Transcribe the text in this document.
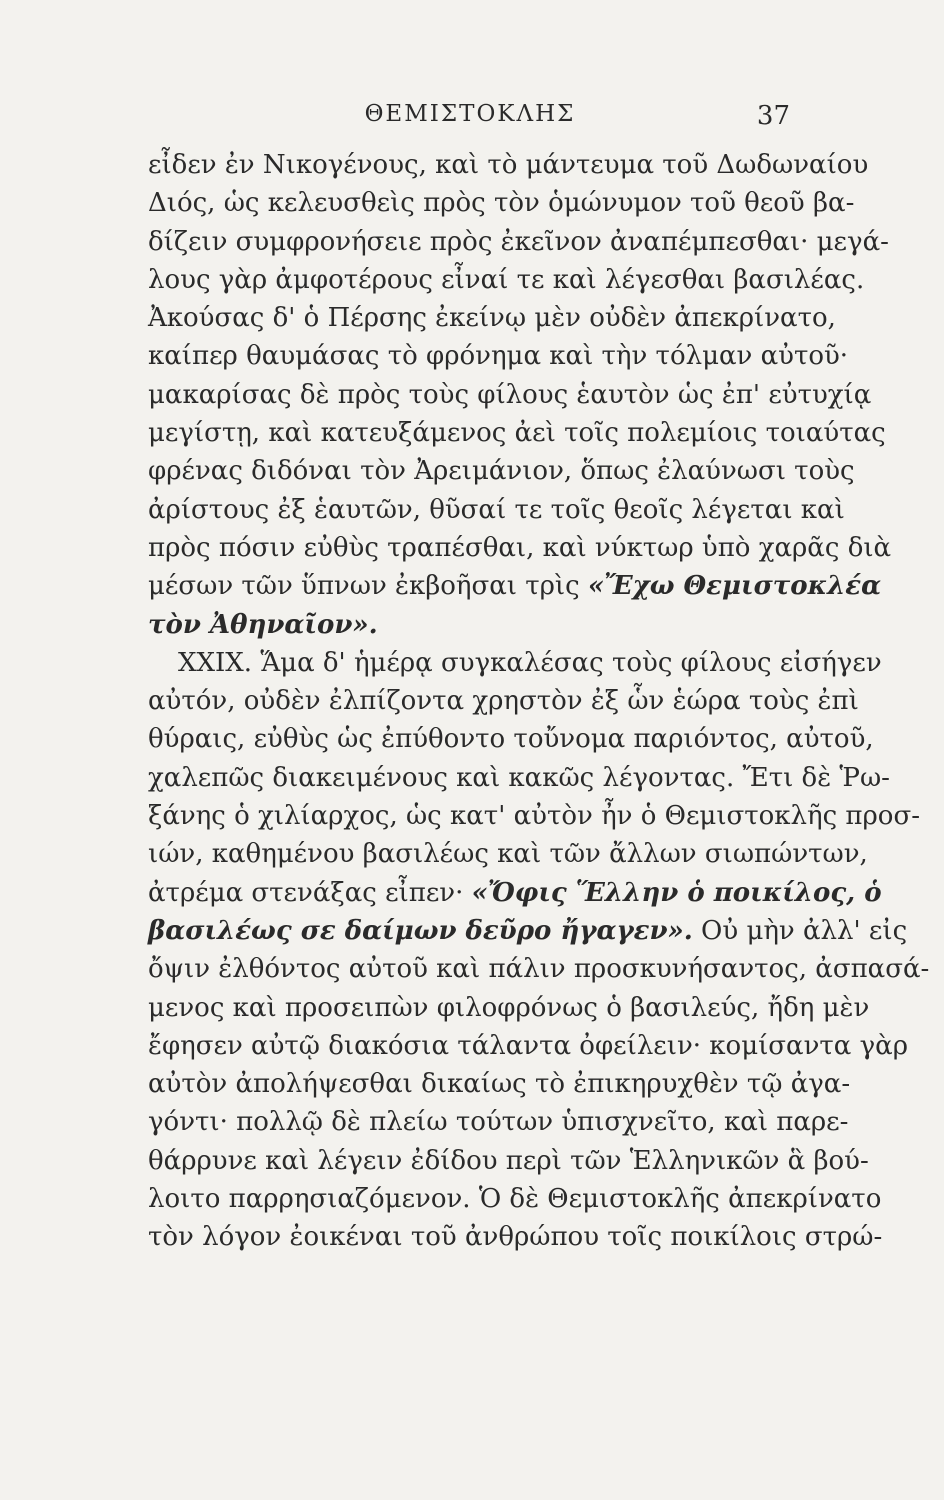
ΘΕΜΙΣΤΟΚΛΗΣ	37
εἶδεν ἐν Νικογένους, καὶ τὸ μάντευμα τοῦ Δωδωναίου
Διός, ὡς κελευσθεὶς πρὸς τὸν ὁμώνυμον τοῦ θεοῦ βα-
δίζειν συμφρονήσειε πρὸς ἐκεῖνον ἀναπέμπεσθαι· μεγά-
λους γὰρ ἀμφοτέρους εἶναί τε καὶ λέγεσθαι βασιλέας.
Ἀκούσας δ' ὁ Πέρσης ἐκείνῳ μὲν οὐδὲν ἀπεκρίνατο,
καίπερ θαυμάσας τὸ φρόνημα καὶ τὴν τόλμαν αὐτοῦ·
μακαρίσας δὲ πρὸς τοὺς φίλους ἑαυτὸν ὡς ἐπ' εὐτυχίᾳ
μεγίστῃ, καὶ κατευξάμενος ἀεὶ τοῖς πολεμίοις τοιαύτας
φρένας διδόναι τὸν Ἀρειμάνιον, ὅπως ἐλαύνωσι τοὺς
ἀρίστους ἐξ ἑαυτῶν, θῦσαί τε τοῖς θεοῖς λέγεται καὶ
πρὸς πόσιν εὐθὺς τραπέσθαι, καὶ νύκτωρ ὑπὸ χαρᾶς διὰ
μέσων τῶν ὕπνων ἐκβοῆσαι τρὶς «Ἔχω Θεμιστοκλέα
τὸν Ἀθηναῖον».
ΧΧΙΧ. Ἅμα δ' ἡμέρᾳ συγκαλέσας τοὺς φίλους εἰσήγεν
αὐτόν, οὐδὲν ἐλπίζοντα χρηστὸν ἐξ ὧν ἑώρα τοὺς ἐπὶ
θύραις, εὐθὺς ὡς ἐπύθοντο τοὔνομα παριόντος, αὐτοῦ,
χαλεπῶς διακειμένους καὶ κακῶς λέγοντας. Ἔτι δὲ Ῥω-
ξάνης ὁ χιλίαρχος, ὡς κατ' αὐτὸν ἦν ὁ Θεμιστοκλῆς προσ-
ιών, καθημένου βασιλέως καὶ τῶν ἄλλων σιωπώντων,
ἀτρέμα στενάξας εἶπεν· «Ὄφις Ἕλλην ὁ ποικίλος, ὁ
βασιλέως σε δαίμων δεῦρο ἤγαγεν». Οὐ μὴν ἀλλ' εἰς
ὄψιν ἐλθόντος αὐτοῦ καὶ πάλιν προσκυνήσαντος, ἀσπασά-
μενος καὶ προσειπὼν φιλοφρόνως ὁ βασιλεύς, ἤδη μὲν
ἔφησεν αὐτῷ διακόσια τάλαντα ὀφείλειν· κομίσαντα γὰρ
αὐτὸν ἀπολήψεσθαι δικαίως τὸ ἐπικηρυχθὲν τῷ ἀγα-
γόντι· πολλῷ δὲ πλείω τούτων ὑπισχνεῖτο, καὶ παρε-
θάρρυνε καὶ λέγειν ἐδίδου περὶ τῶν Ἑλληνικῶν ἃ βού-
λοιτο παρρησιαζόμενον. Ὁ δὲ Θεμιστοκλῆς ἀπεκρίνατο
τὸν λόγον ἐοικέναι τοῦ ἀνθρώπου τοῖς ποικίλοις στρώ-
